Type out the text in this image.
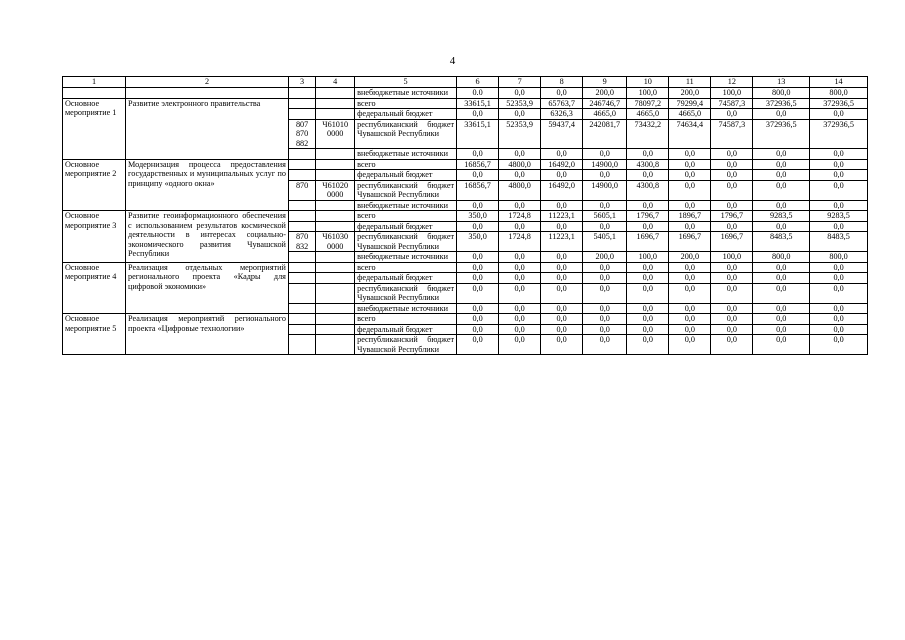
4
1	2	3	4	5	6	7	8	9	10	11	12	13	14
				внебюджетные источники	0.0	0,0	0,0	200,0	100,0	200,0	100,0	800,0	800,0
Основное мероприятие 1	Развитие электронного правительства			всего	33615,1	52353,9	65763,7	246746,7	78097,2	79299,4	74587,3	372936,5	372936,5
				федеральный бюджет	0,0	0,0	6326,3	4665,0	4665,0	4665,0	0,0	0,0	0,0
		807 870 882	Ч61010 0000	республиканский бюджет Чувашской Республики	33615,1	52353,9	59437,4	242081,7	73432,2	74634,4	74587,3	372936,5	372936,5
				внебюджетные источники	0,0	0,0	0,0	0,0	0,0	0,0	0,0	0,0	0,0
Основное мероприятие 2	Модернизация процесса предоставления государственных и муниципальных услуг по принципу «одного окна»			всего	16856,7	4800,0	16492,0	14900,0	4300,8	0,0	0,0	0,0	0,0
				федеральный бюджет	0,0	0,0	0,0	0,0	0,0	0,0	0,0	0,0	0,0
		870	Ч61020 0000	республиканский бюджет Чувашской Республики	16856,7	4800,0	16492,0	14900,0	4300,8	0,0	0,0	0,0	0,0
				внебюджетные источники	0,0	0,0	0,0	0,0	0,0	0,0	0,0	0,0	0,0
Основное мероприятие 3	Развитие геоинформационного обеспечения с использованием результатов космической деятельности в интересах социально-экономического развития Чувашской Республики			всего	350,0	1724,8	11223,1	5605,1	1796,7	1896,7	1796,7	9283,5	9283,5
				федеральный бюджет	0,0	0,0	0,0	0,0	0,0	0,0	0,0	0,0	0,0
		870 832	Ч61030 0000	республиканский бюджет Чувашской Республики	350,0	1724,8	11223,1	5405,1	1696,7	1696,7	1696,7	8483,5	8483,5
				внебюджетные источники	0,0	0,0	0,0	200,0	100,0	200,0	100,0	800,0	800,0
Основное мероприятие 4	Реализация отдельных мероприятий регионального проекта «Кадры для цифровой экономики»			всего	0,0	0,0	0,0	0,0	0,0	0,0	0,0	0,0	0,0
				федеральный бюджет	0,0	0,0	0,0	0,0	0,0	0,0	0,0	0,0	0,0
				республиканский бюджет Чувашской Республики	0,0	0,0	0,0	0,0	0,0	0,0	0,0	0,0	0,0
				внебюджетные источники	0,0	0,0	0,0	0,0	0,0	0,0	0,0	0,0	0,0
Основное мероприятие 5	Реализация мероприятий регионального проекта «Цифровые технологии»			всего	0,0	0,0	0,0	0,0	0,0	0,0	0,0	0,0	0,0
				федеральный бюджет	0,0	0,0	0,0	0,0	0,0	0,0	0,0	0,0	0,0
				республиканский бюджет Чувашской Республики	0,0	0,0	0,0	0,0	0,0	0,0	0,0	0,0	0,0
